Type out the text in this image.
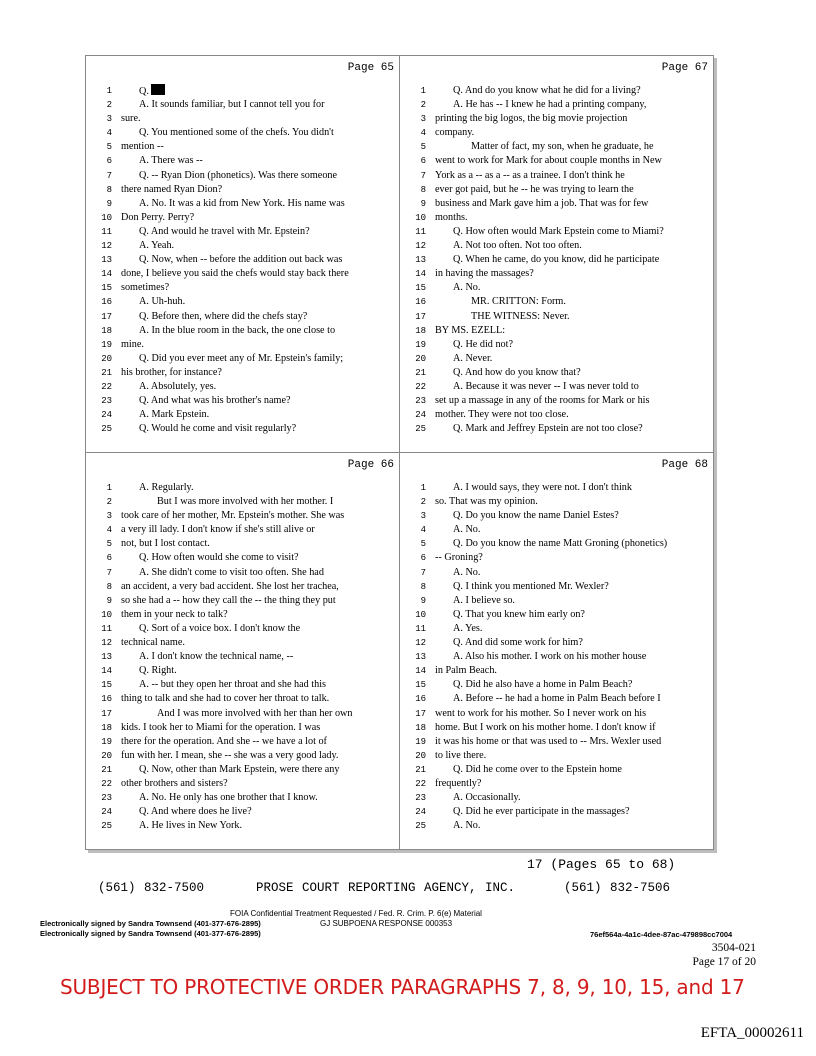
Page 65
1	Q.
2	A. It sounds familiar, but I cannot tell you for
3 sure.
4	Q. You mentioned some of the chefs. You didn't
5 mention --
6	A. There was --
7	Q. -- Ryan Dion (phonetics). Was there someone
8 there named Ryan Dion?
9	A. No. It was a kid from New York. His name was
10 Don Perry. Perry?
11	Q. And would he travel with Mr. Epstein?
12	A. Yeah.
13	Q. Now, when -- before the addition out back was
14 done, I believe you said the chefs would stay back there
15 sometimes?
16	A. Uh-huh.
17	Q. Before then, where did the chefs stay?
18	A. In the blue room in the back, the one close to
19 mine.
20	Q. Did you ever meet any of Mr. Epstein's family;
21 his brother, for instance?
22	A. Absolutely, yes.
23	Q. And what was his brother's name?
24	A. Mark Epstein.
25	Q. Would he come and visit regularly?
Page 67
1	Q. And do you know what he did for a living?
2	A. He has -- I knew he had a printing company,
3 printing the big logos, the big movie projection
4 company.
5	Matter of fact, my son, when he graduate, he
6 went to work for Mark for about couple months in New
7 York as a -- as a -- as a trainee. I don't think he
8 ever got paid, but he -- he was trying to learn the
9 business and Mark gave him a job. That was for few
10 months.
11	Q. How often would Mark Epstein come to Miami?
12	A. Not too often. Not too often.
13	Q. When he came, do you know, did he participate
14 in having the massages?
15	A. No.
16	MR. CRITTON: Form.
17	THE WITNESS: Never.
18 BY MS. EZELL:
19	Q. He did not?
20	A. Never.
21	Q. And how do you know that?
22	A. Because it was never -- I was never told to
23 set up a massage in any of the rooms for Mark or his
24 mother. They were not too close.
25	Q. Mark and Jeffrey Epstein are not too close?
Page 66
1	A. Regularly.
2	But I was more involved with her mother. I
3 took care of her mother, Mr. Epstein's mother. She was
4 a very ill lady. I don't know if she's still alive or
5 not, but I lost contact.
6	Q. How often would she come to visit?
7	A. She didn't come to visit too often. She had
8 an accident, a very bad accident. She lost her trachea,
9 so she had a -- how they call the -- the thing they put
10 them in your neck to talk?
11	Q. Sort of a voice box. I don't know the
12 technical name.
13	A. I don't know the technical name, --
14	Q. Right.
15	A. -- but they open her throat and she had this
16 thing to talk and she had to cover her throat to talk.
17	And I was more involved with her than her own
18 kids. I took her to Miami for the operation. I was
19 there for the operation. And she -- we have a lot of
20 fun with her. I mean, she -- she was a very good lady.
21	Q. Now, other than Mark Epstein, were there any
22 other brothers and sisters?
23	A. No. He only has one brother that I know.
24	Q. And where does he live?
25	A. He lives in New York.
Page 68
1	A. I would says, they were not. I don't think
2 so. That was my opinion.
3	Q. Do you know the name Daniel Estes?
4	A. No.
5	Q. Do you know the name Matt Groning (phonetics)
6 -- Groning?
7	A. No.
8	Q. I think you mentioned Mr. Wexler?
9	A. I believe so.
10	Q. That you knew him early on?
11	A. Yes.
12	Q. And did some work for him?
13	A. Also his mother. I work on his mother house
14 in Palm Beach.
15	Q. Did he also have a home in Palm Beach?
16	A. Before -- he had a home in Palm Beach before I
17 went to work for his mother. So I never work on his
18 home. But I work on his mother home. I don't know if
19 it was his home or that was used to -- Mrs. Wexler used
20 to live there.
21	Q. Did he come over to the Epstein home
22 frequently?
23	A. Occasionally.
24	Q. Did he ever participate in the massages?
25	A. No.
17 (Pages 65 to 68)
(561) 832-7500	PROSE COURT REPORTING AGENCY, INC.	(561) 832-7506
FOIA Confidential Treatment Requested / Fed. R. Crim. P. 6(e) Material
Electronically signed by Sandra Townsend (401-377-676-2895)	GJ SUBPOENA RESPONSE 000353
Electronically signed by Sandra Townsend (401-377-676-2895)	76ef564a-4a1c-4dee-87ac-479898cc7004
3504-021
Page 17 of 20
SUBJECT TO PROTECTIVE ORDER PARAGRAPHS 7, 8, 9, 10, 15, and 17
EFTA_00002611
